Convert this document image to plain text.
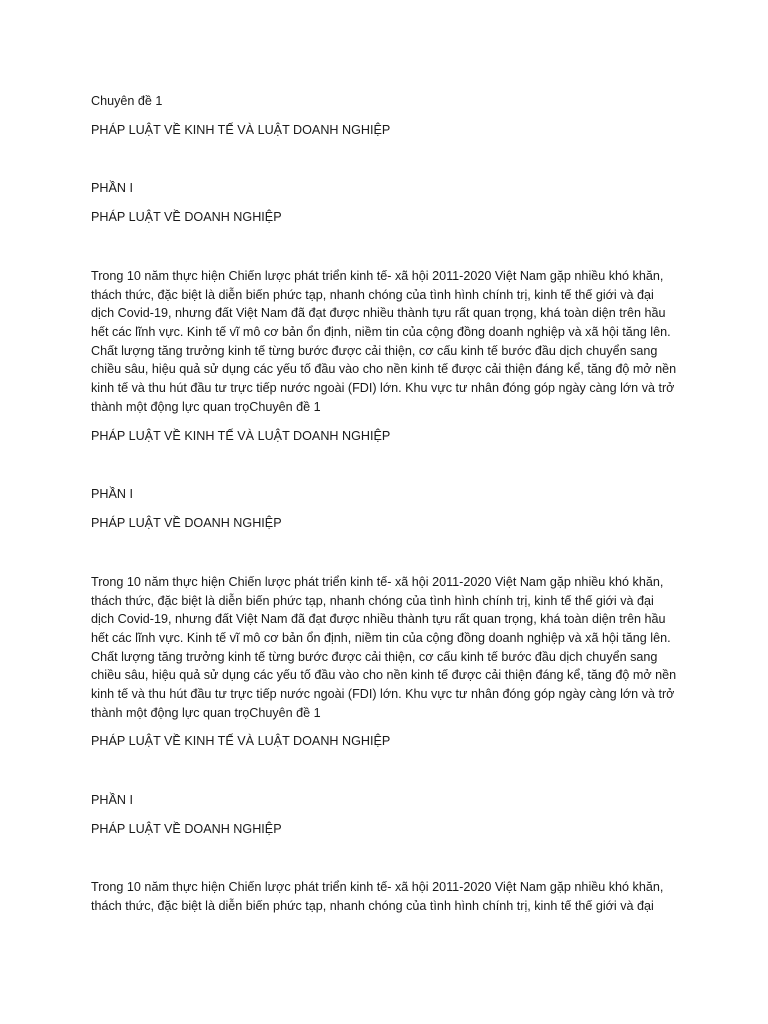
Chuyên đề 1
PHÁP LUẬT VỀ KINH TẾ VÀ LUẬT DOANH NGHIỆP
PHẦN I
PHÁP LUẬT VỀ DOANH NGHIỆP
Trong 10 năm thực hiện Chiến lược phát triển kinh tế- xã hội 2011-2020 Việt Nam gặp nhiều khó khăn,
thách thức, đặc biệt là diễn biến phức tạp, nhanh chóng của tình hình chính trị, kinh tế thế giới và đại
dịch Covid-19, nhưng đất Việt Nam đã đạt được nhiều thành tựu rất quan trọng, khá toàn diện trên hầu
hết các lĩnh vực. Kinh tế vĩ mô cơ bản ổn định, niềm tin của cộng đồng doanh nghiệp và xã hội tăng lên.
Chất lượng tăng trưởng kinh tế từng bước được cải thiện, cơ cấu kinh tế bước đầu dịch chuyển sang
chiều sâu, hiệu quả sử dụng các yếu tố đầu vào cho nền kinh tế được cải thiện đáng kể, tăng độ mở nền
kinh tế và thu hút đầu tư trực tiếp nước ngoài (FDI) lớn. Khu vực tư nhân đóng góp ngày càng lớn và trở
thành một động lực quan trọChuyên đề 1
PHÁP LUẬT VỀ KINH TẾ VÀ LUẬT DOANH NGHIỆP
PHẦN I
PHÁP LUẬT VỀ DOANH NGHIỆP
Trong 10 năm thực hiện Chiến lược phát triển kinh tế- xã hội 2011-2020 Việt Nam gặp nhiều khó khăn,
thách thức, đặc biệt là diễn biến phức tạp, nhanh chóng của tình hình chính trị, kinh tế thế giới và đại
dịch Covid-19, nhưng đất Việt Nam đã đạt được nhiều thành tựu rất quan trọng, khá toàn diện trên hầu
hết các lĩnh vực. Kinh tế vĩ mô cơ bản ổn định, niềm tin của cộng đồng doanh nghiệp và xã hội tăng lên.
Chất lượng tăng trưởng kinh tế từng bước được cải thiện, cơ cấu kinh tế bước đầu dịch chuyển sang
chiều sâu, hiệu quả sử dụng các yếu tố đầu vào cho nền kinh tế được cải thiện đáng kể, tăng độ mở nền
kinh tế và thu hút đầu tư trực tiếp nước ngoài (FDI) lớn. Khu vực tư nhân đóng góp ngày càng lớn và trở
thành một động lực quan trọChuyên đề 1
PHÁP LUẬT VỀ KINH TẾ VÀ LUẬT DOANH NGHIỆP
PHẦN I
PHÁP LUẬT VỀ DOANH NGHIỆP
Trong 10 năm thực hiện Chiến lược phát triển kinh tế- xã hội 2011-2020 Việt Nam gặp nhiều khó khăn,
thách thức, đặc biệt là diễn biến phức tạp, nhanh chóng của tình hình chính trị, kinh tế thế giới và đại
